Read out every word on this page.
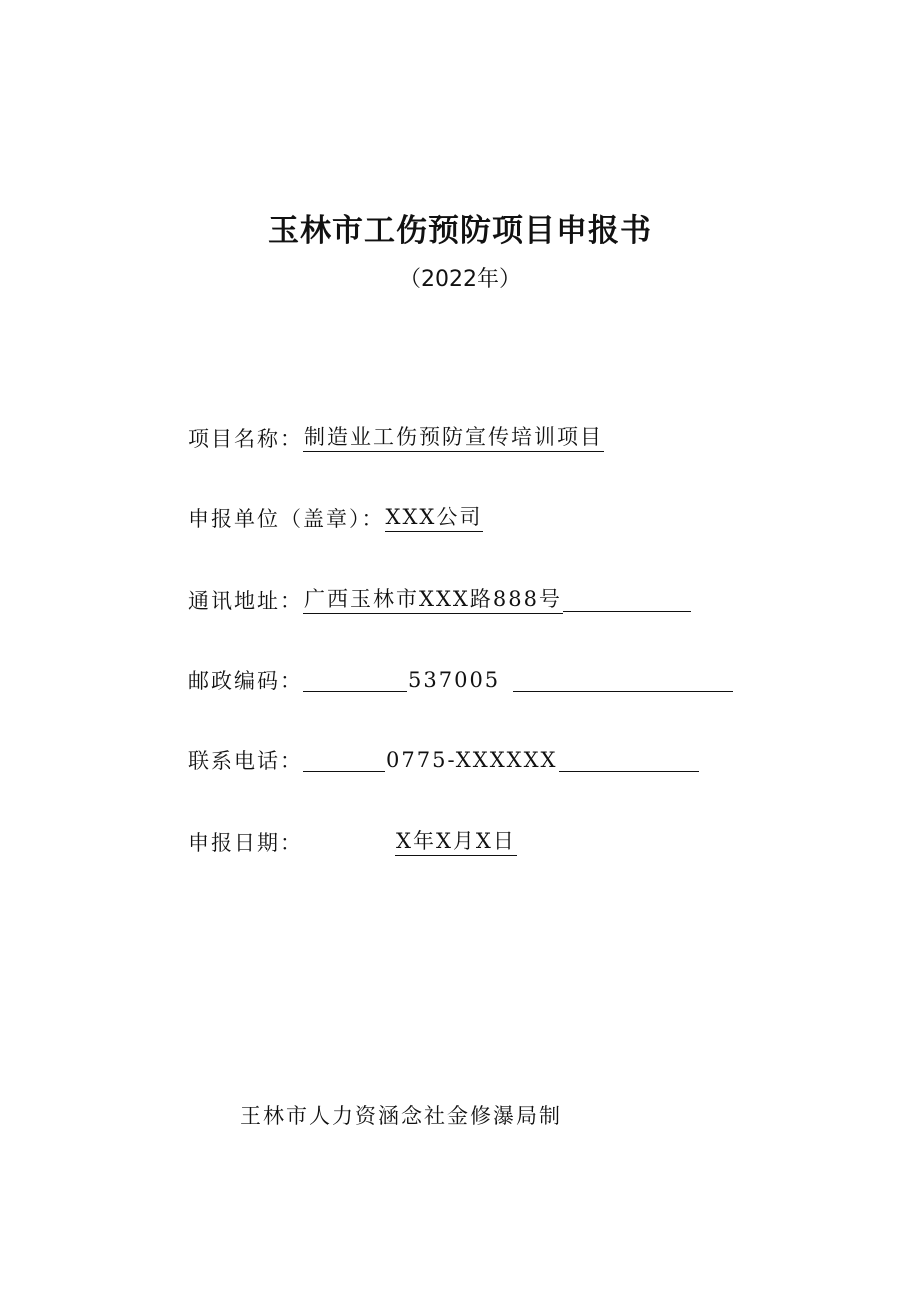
玉林市工伤预防项目申报书

（2022年）

项目名称： 制造业工伤预防宣传培训项目
申报单位（盖章）： XXX公司
通讯地址： 广西玉林市XXX路888号
邮政编码：	537005
联系电话：	0775-XXXXXX
申报日期：	X年X月X日

王林市人力资涵念社金修瀑局制
